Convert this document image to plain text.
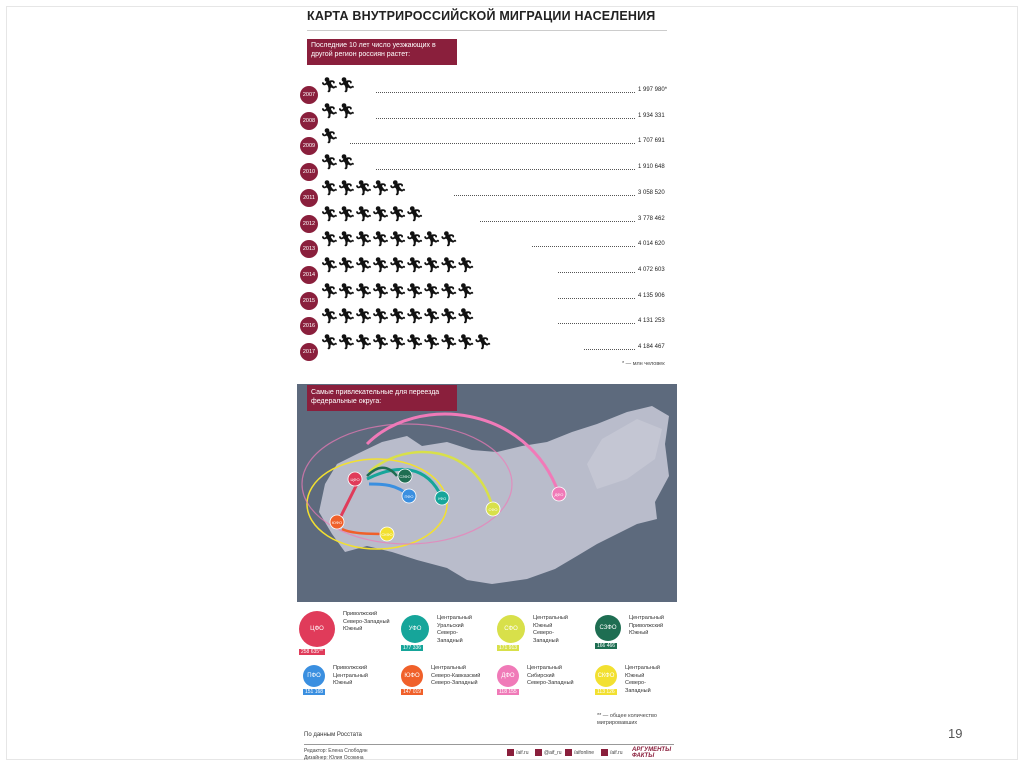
КАРТА ВНУТРИРОССИЙСКОЙ МИГРАЦИИ НАСЕЛЕНИЯ
Последние 10 лет число уезжающих в другой регион россиян растет:
2007
🏃︎🏃︎	1 997 980*
2008
🏃︎🏃︎	1 934 331
2009
🏃︎	1 707 691
2010
🏃︎🏃︎	1 910 648
2011
🏃︎🏃︎🏃︎🏃︎🏃︎	3 058 520
2012
🏃︎🏃︎🏃︎🏃︎🏃︎🏃︎	3 778 462
2013
🏃︎🏃︎🏃︎🏃︎🏃︎🏃︎🏃︎🏃︎	4 014 620
2014
🏃︎🏃︎🏃︎🏃︎🏃︎🏃︎🏃︎🏃︎🏃︎	4 072 603
2015
🏃︎🏃︎🏃︎🏃︎🏃︎🏃︎🏃︎🏃︎🏃︎	4 135 906
2016
🏃︎🏃︎🏃︎🏃︎🏃︎🏃︎🏃︎🏃︎🏃︎	4 131 253
2017
🏃︎🏃︎🏃︎🏃︎🏃︎🏃︎🏃︎🏃︎🏃︎🏃︎	4 184 467
* — млн человек
Самые привлекательные для переезда федеральные округа:
ЦФО
ПФО	УФО
СФО
ЮФО
СЗФО
ДФО
СКФО
ЦФО
Приволжский
Северо-Западный
Южный
258 635**
УФО
Центральный
Уральский
Северо-
Западный
177 336
СФО
Центральный
Южный
Северо-
Западный
171 913
СЗФО
Центральный
Приволжский
Южный
166 466
ПФО
Приволжский
Центральный
Южный
151 168
ЮФО
Центральный
Северо-Кавказский
Северо-Западный
147 019
ДФО
Центральный
Сибирский
Северо-Западный
118 155
СКФО
Центральный
Южный
Северо-
Западный
113 126
** — общее количество мигрировавших
По данным Росстата
Редактор: Елена Слободян
Дизайнер: Юлия Осокина
/aif.ru	@aif_ru	/aifonline	/aif.ru АРГУМЕНТЫ ФАКТЫ
19
